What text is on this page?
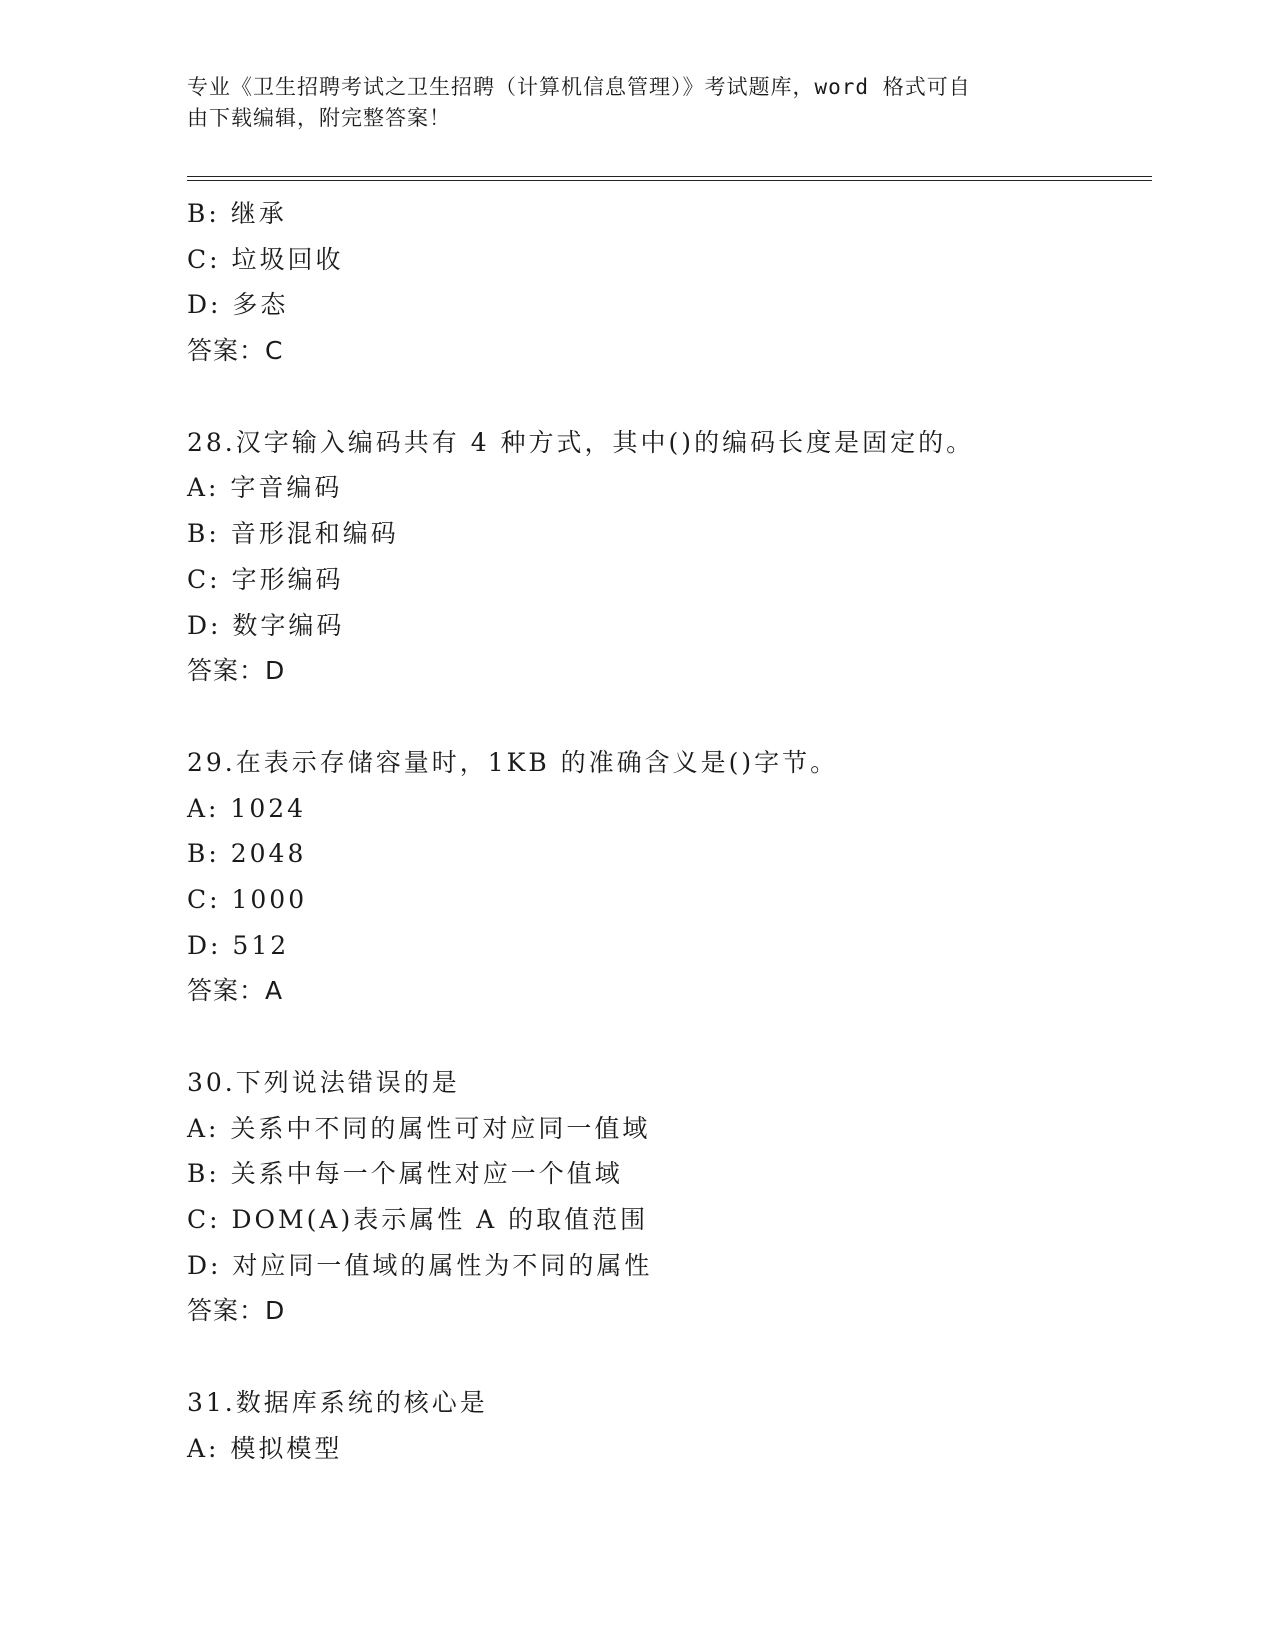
专业《卫生招聘考试之卫生招聘（计算机信息管理）》考试题库，word 格式可自
由下载编辑，附完整答案！
B: 继承
C: 垃圾回收
D: 多态
答案：C
28.汉字输入编码共有 4 种方式，其中()的编码长度是固定的。
A: 字音编码
B: 音形混和编码
C: 字形编码
D: 数字编码
答案：D
29.在表示存储容量时，1KB 的准确含义是()字节。
A: 1024
B: 2048
C: 1000
D: 512
答案：A
30.下列说法错误的是
A: 关系中不同的属性可对应同一值域
B: 关系中每一个属性对应一个值域
C: DOM(A)表示属性 A 的取值范围
D: 对应同一值域的属性为不同的属性
答案：D
31.数据库系统的核心是
A: 模拟模型
